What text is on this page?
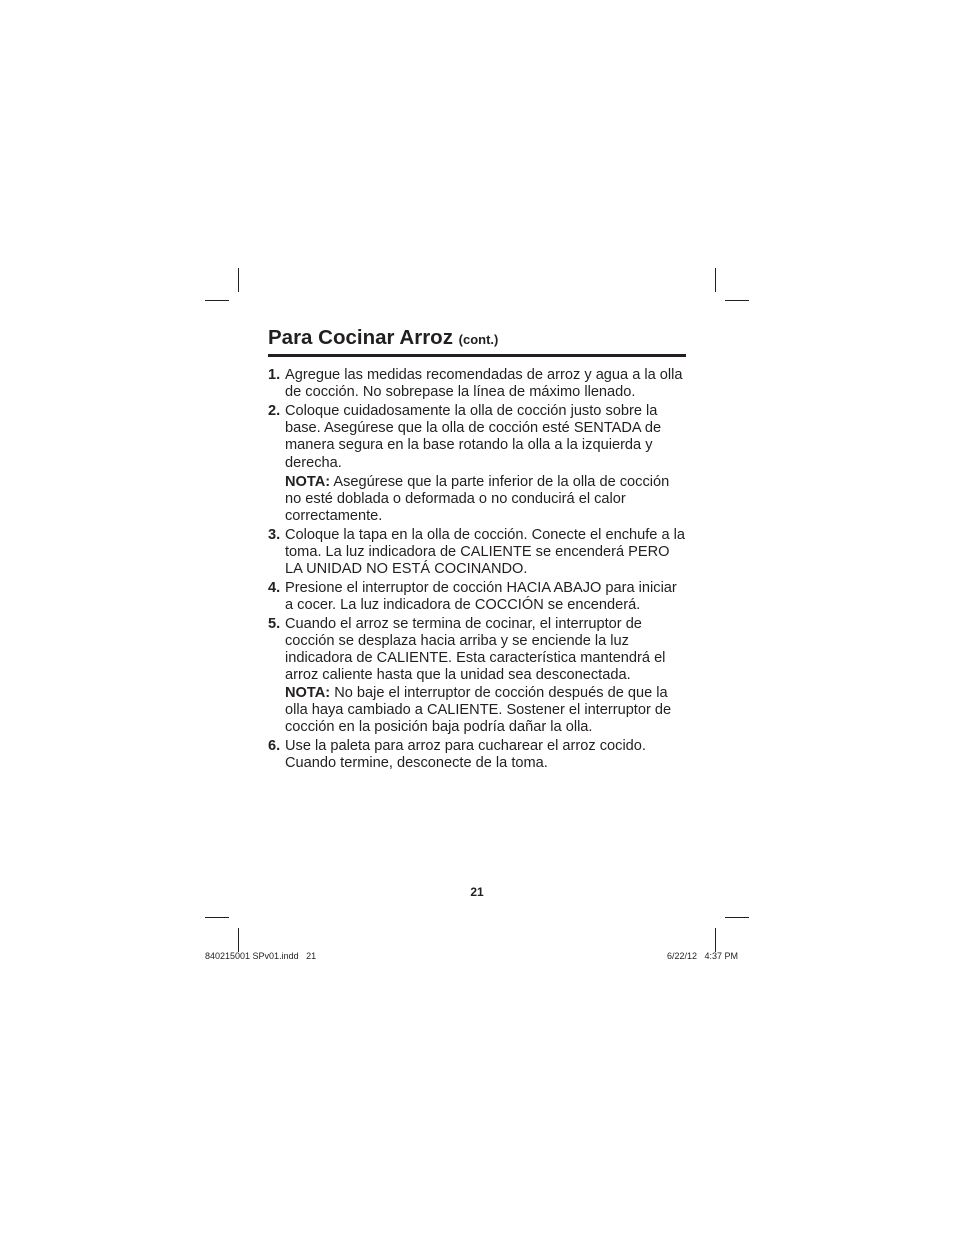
Para Cocinar Arroz (cont.)
1. Agregue las medidas recomendadas de arroz y agua a la olla de cocción. No sobrepase la línea de máximo llenado.
2. Coloque cuidadosamente la olla de cocción justo sobre la base. Asegúrese que la olla de cocción esté SENTADA de manera segura en la base rotando la olla a la izquierda y derecha.
NOTA: Asegúrese que la parte inferior de la olla de cocción no esté doblada o deformada o no conducirá el calor correctamente.
3. Coloque la tapa en la olla de cocción. Conecte el enchufe a la toma. La luz indicadora de CALIENTE se encenderá PERO LA UNIDAD NO ESTÁ COCINANDO.
4. Presione el interruptor de cocción HACIA ABAJO para iniciar a cocer. La luz indicadora de COCCIÓN se encenderá.
5. Cuando el arroz se termina de cocinar, el interruptor de cocción se desplaza hacia arriba y se enciende la luz indicadora de CALIENTE. Esta característica mantendrá el arroz caliente hasta que la unidad sea desconectada.
NOTA: No baje el interruptor de cocción después de que la olla haya cambiado a CALIENTE. Sostener el interruptor de cocción en la posición baja podría dañar la olla.
6. Use la paleta para arroz para cucharear el arroz cocido. Cuando termine, desconecte de la toma.
21
840215001 SPv01.indd   21	6/22/12   4:37 PM
